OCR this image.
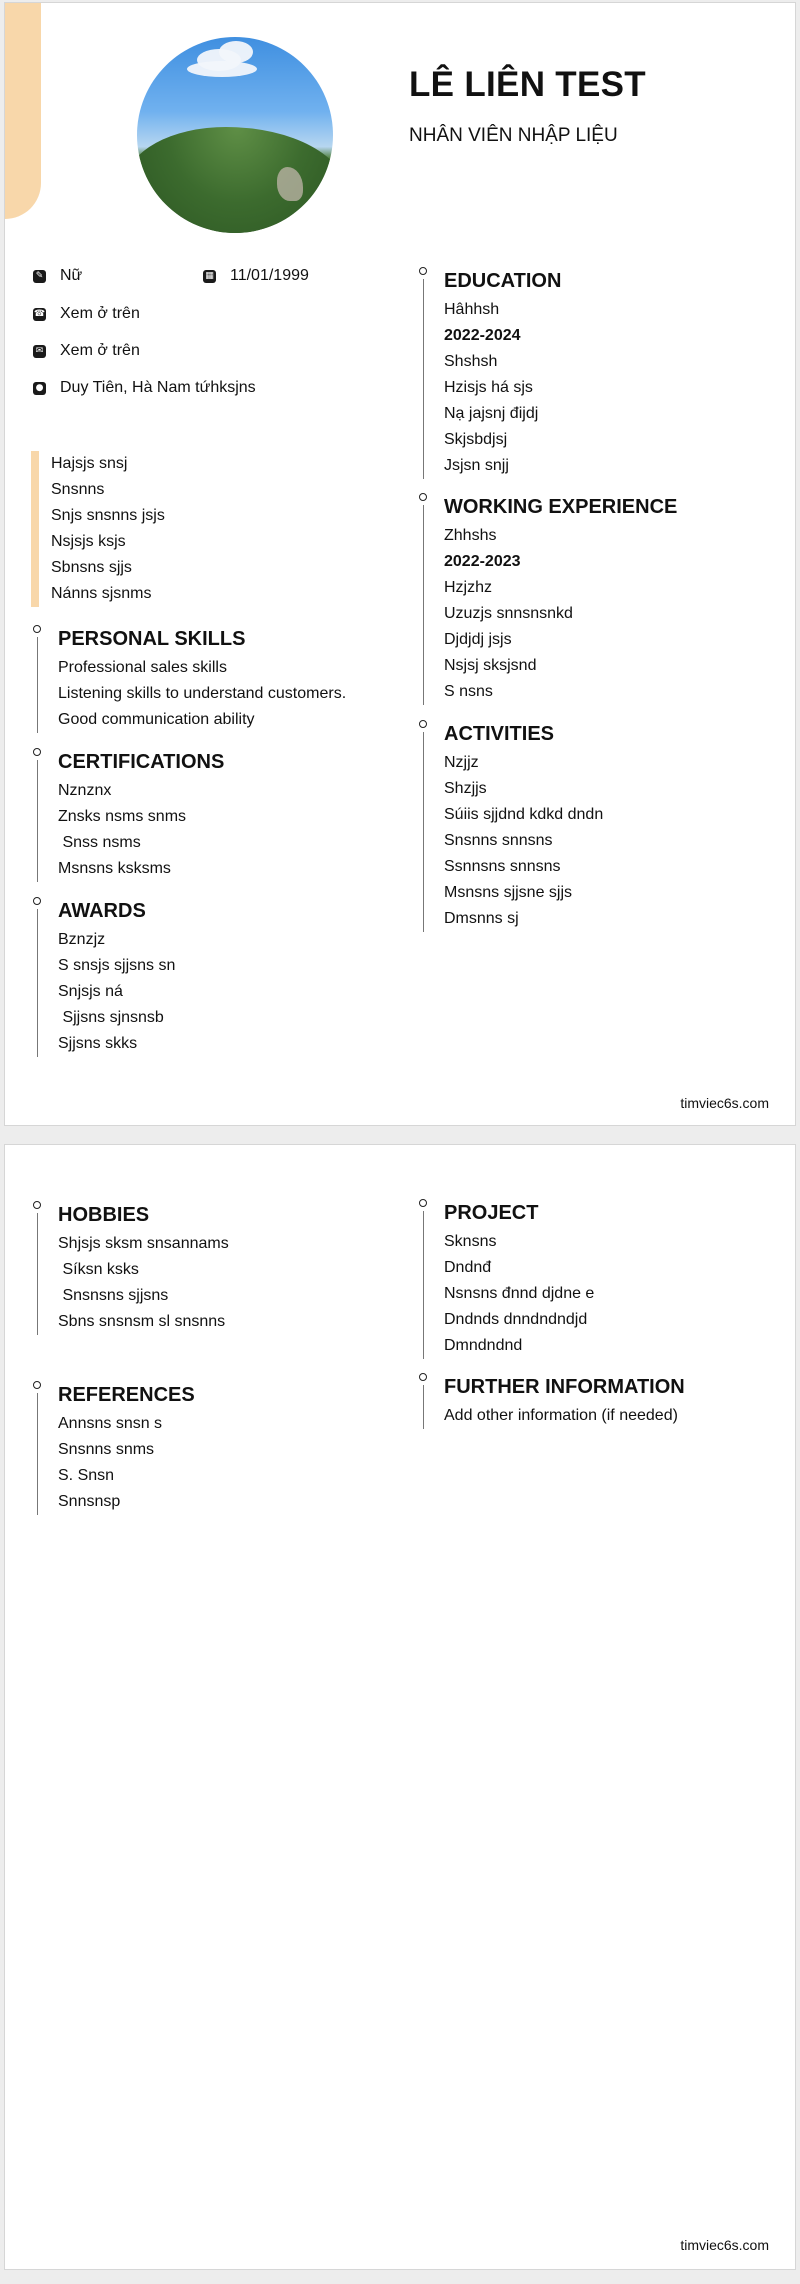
LÊ LIÊN TEST
NHÂN VIÊN NHẬP LIỆU
✎ Nữ	▦ 11/01/1999
☎ Xem ở trên
✉ Xem ở trên
● Duy Tiên, Hà Nam tứhksjns
Hajsjs snsj
Snsnns
Snjs snsnns jsjs
Nsjsjs ksjs
Sbnsns sjjs
Nánns sjsnms
PERSONAL SKILLS
Professional sales skills
Listening skills to understand customers.
Good communication ability
CERTIFICATIONS
Nznznx
Znsks nsms snms
Snss nsms
Msnsns ksksms
AWARDS
Bznzjz
S snsjs sjjsns sn
Snjsjs ná
Sjjsns sjnsnsb
Sjjsns skks
EDUCATION
Hâhhsh
2022-2024
Shshsh
Hzisjs há sjs
Nạ jajsnj đijdj
Skjsbdjsj
Jsjsn snjj
WORKING EXPERIENCE
Zhhshs
2022-2023
Hzjzhz
Uzuzjs snnsnsnkd
Djdjdj jsjs
Nsjsj sksjsnd
S nsns
ACTIVITIES
Nzjjz
Shzjjs
Súiis sjjdnd kdkd dndn
Snsnns snnsns
Ssnnsns snnsns
Msnsns sjjsne sjjs
Dmsnns sj
timviec6s.com
HOBBIES
Shjsjs sksm snsannams
Síksn ksks
Snsnsns sjjsns
Sbns snsnsm sl snsnns
REFERENCES
Annsns snsn s
Snsnns snms
S. Snsn
Snnsnsp
PROJECT
Sknsns
Dndnđ
Nsnsns đnnd djdne e
Dndnds dnndndndjd
Dmndndnd
FURTHER INFORMATION
Add other information (if needed)
timviec6s.com
